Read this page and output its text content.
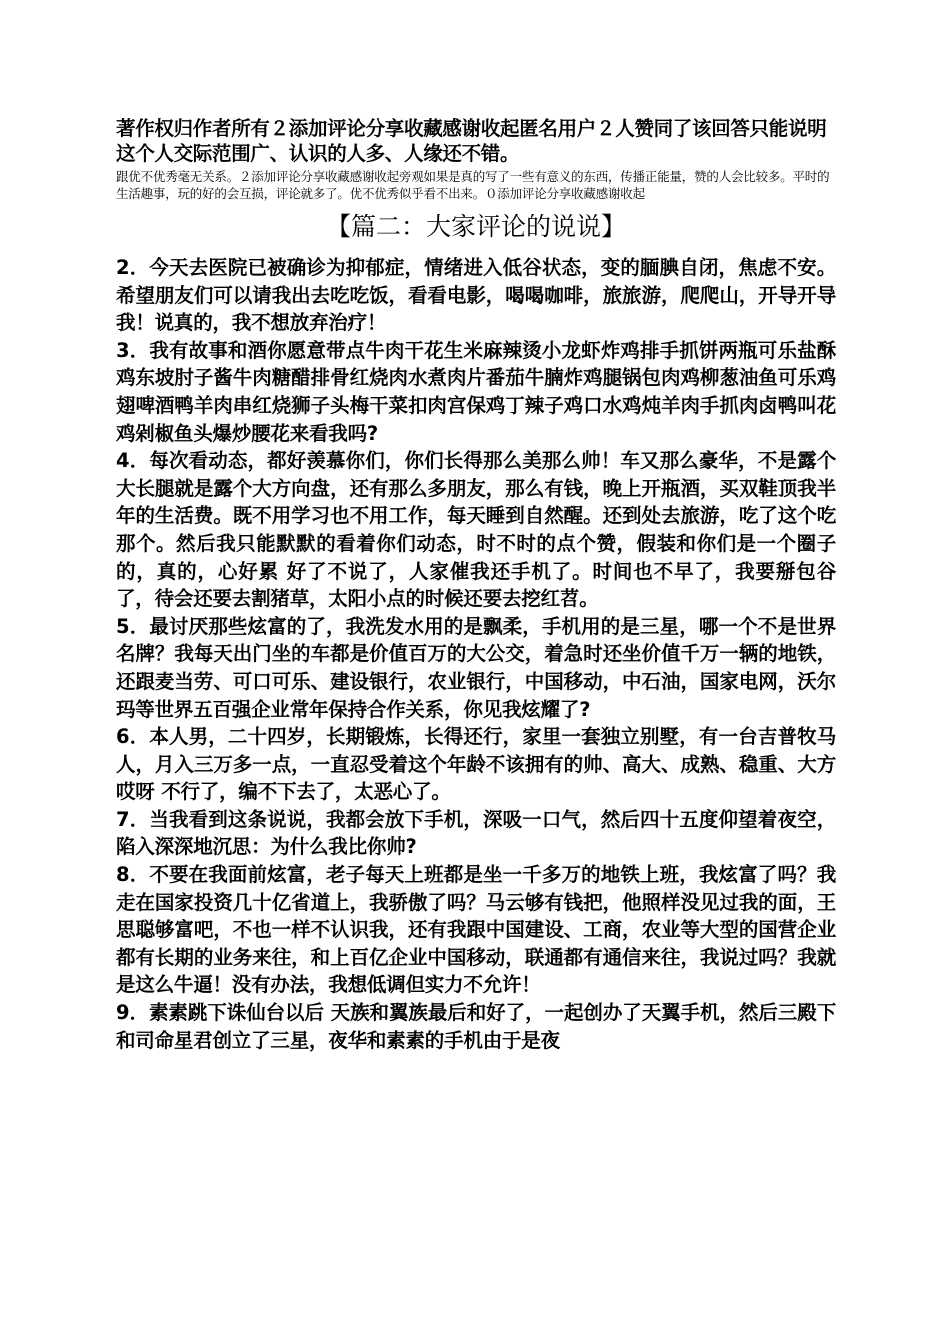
著作权归作者所有２添加评论分享收藏感谢收起匿名用户２人赞同了该回答只能说明这个人交际范围广、认识的人多、人缘还不错。

跟优不优秀毫无关系。２添加评论分享收藏感谢收起旁观如果是真的写了一些有意义的东西，传播正能量，赞的人会比较多。平时的生活趣事，玩的好的会互损，评论就多了。优不优秀似乎看不出来。０添加评论分享收藏感谢收起

【篇二：大家评论的说说】

2．今天去医院已被确诊为抑郁症，情绪进入低谷状态，变的腼腆自闭，焦虑不安。希望朋友们可以请我出去吃吃饭，看看电影，喝喝咖啡，旅旅游，爬爬山，开导开导我！说真的，我不想放弃治疗！

3．我有故事和酒你愿意带点牛肉干花生米麻辣烫小龙虾炸鸡排手抓饼两瓶可乐盐酥鸡东坡肘子酱牛肉糖醋排骨红烧肉水煮肉片番茄牛腩炸鸡腿锅包肉鸡柳葱油鱼可乐鸡翅啤酒鸭羊肉串红烧狮子头梅干菜扣肉宫保鸡丁辣子鸡口水鸡炖羊肉手抓肉卤鸭叫花鸡剁椒鱼头爆炒腰花来看我吗?

4．每次看动态，都好羡慕你们，你们长得那么美那么帅！车又那么豪华，不是露个大长腿就是露个大方向盘，还有那么多朋友，那么有钱，晚上开瓶酒，买双鞋顶我半年的生活费。既不用学习也不用工作，每天睡到自然醒。还到处去旅游，吃了这个吃那个。然后我只能默默的看着你们动态，时不时的点个赞，假装和你们是一个圈子的，真的，心好累 好了不说了，人家催我还手机了。时间也不早了，我要掰包谷了，待会还要去割猪草，太阳小点的时候还要去挖红苕。

5．最讨厌那些炫富的了，我洗发水用的是飘柔，手机用的是三星，哪一个不是世界名牌？我每天出门坐的车都是价值百万的大公交，着急时还坐价值千万一辆的地铁，还跟麦当劳、可口可乐、建设银行，农业银行，中国移动，中石油，国家电网，沃尔玛等世界五百强企业常年保持合作关系，你见我炫耀了?

6．本人男，二十四岁，长期锻炼，长得还行，家里一套独立别墅，有一台吉普牧马人，月入三万多一点，一直忍受着这个年龄不该拥有的帅、高大、成熟、稳重、大方 哎呀 不行了，编不下去了，太恶心了。

7．当我看到这条说说，我都会放下手机，深吸一口气，然后四十五度仰望着夜空，陷入深深地沉思：为什么我比你帅?

8．不要在我面前炫富，老子每天上班都是坐一千多万的地铁上班，我炫富了吗？我走在国家投资几十亿省道上，我骄傲了吗？马云够有钱把，他照样没见过我的面，王思聪够富吧，不也一样不认识我，还有我跟中国建设、工商，农业等大型的国营企业都有长期的业务来往，和上百亿企业中国移动，联通都有通信来往，我说过吗？我就是这么牛逼！没有办法，我想低调但实力不允许！

9．素素跳下诛仙台以后 天族和翼族最后和好了，一起创办了天翼手机，然后三殿下和司命星君创立了三星，夜华和素素的手机由于是夜
